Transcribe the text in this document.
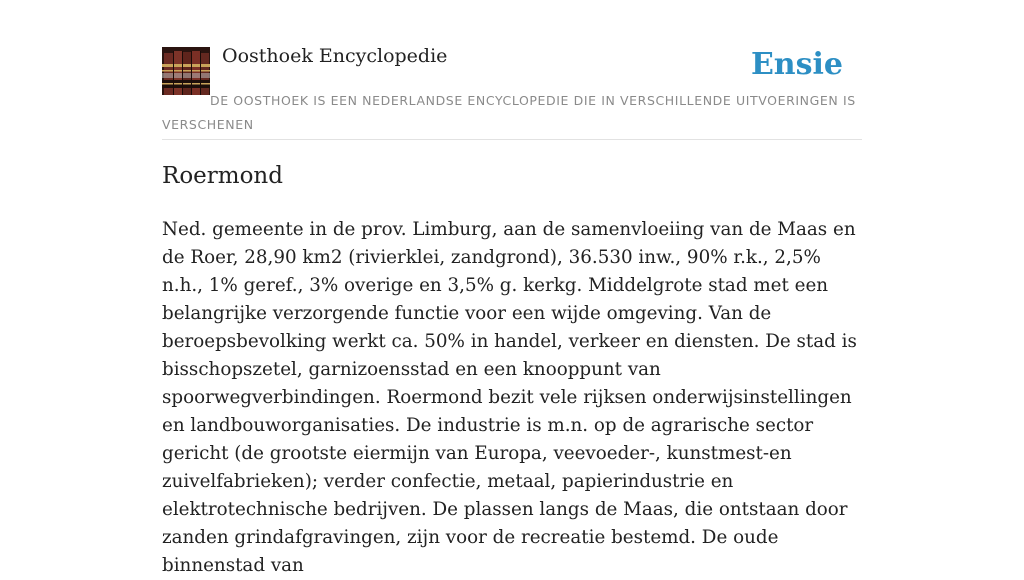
Oosthoek Encyclopedie	Ensie
DE OOSTHOEK IS EEN NEDERLANDSE ENCYCLOPEDIE DIE IN VERSCHILLENDE UITVOERINGEN IS VERSCHENEN
Roermond

Ned. gemeente in de prov. Limburg, aan de samenvloeiing van de Maas en de Roer, 28,90 km2 (rivierklei, zandgrond), 36.530 inw., 90% r.k., 2,5% n.h., 1% geref., 3% overige en 3,5% g. kerkg. Middelgrote stad met een belangrijke verzorgende functie voor een wijde omgeving. Van de beroepsbevolking werkt ca. 50% in handel, verkeer en diensten. De stad is bisschopszetel, garnizoensstad en een knooppunt van spoorwegverbindingen. Roermond bezit vele rijksen onderwijsinstellingen en landbouworganisaties. De industrie is m.n. op de agrarische sector gericht (de grootste eiermijn van Europa, veevoeder-, kunstmest-en zuivelfabrieken); verder confectie, metaal, papierindustrie en elektrotechnische bedrijven. De plassen langs de Maas, die ontstaan door zanden grindafgravingen, zijn voor de recreatie bestemd. De oude binnenstad van
